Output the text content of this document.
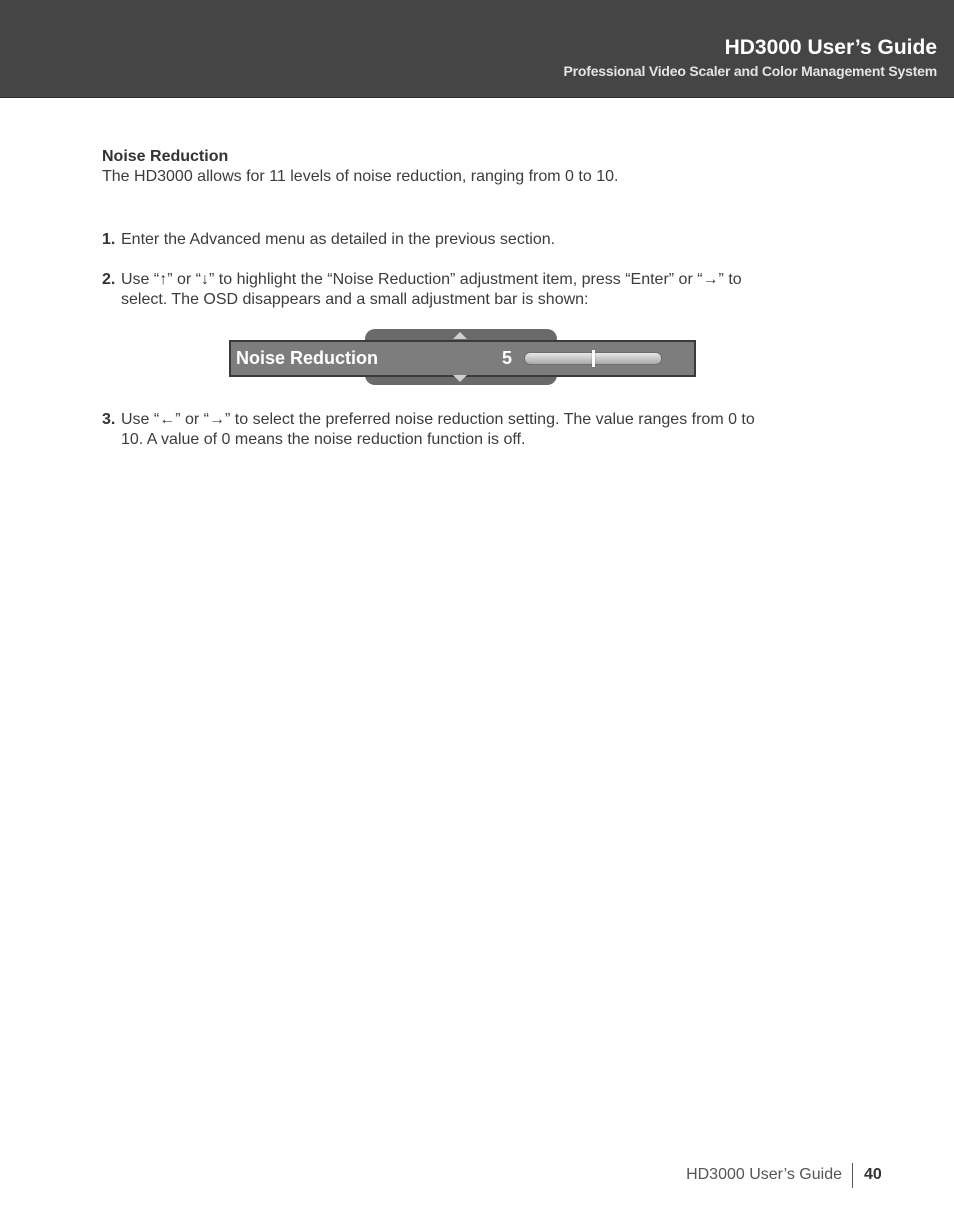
HD3000 User’s Guide
Professional Video Scaler and Color Management System
Noise Reduction
The HD3000 allows for 11 levels of noise reduction, ranging from 0 to 10.
1. Enter the Advanced menu as detailed in the previous section.
2. Use “↑” or “↓” to highlight the “Noise Reduction” adjustment item, press “Enter” or “→” to
select. The OSD disappears and a small adjustment bar is shown:
Noise Reduction	5
3. Use “←” or “→” to select the preferred noise reduction setting. The value ranges from 0 to
10. A value of 0 means the noise reduction function is off.
HD3000 User’s Guide 40
